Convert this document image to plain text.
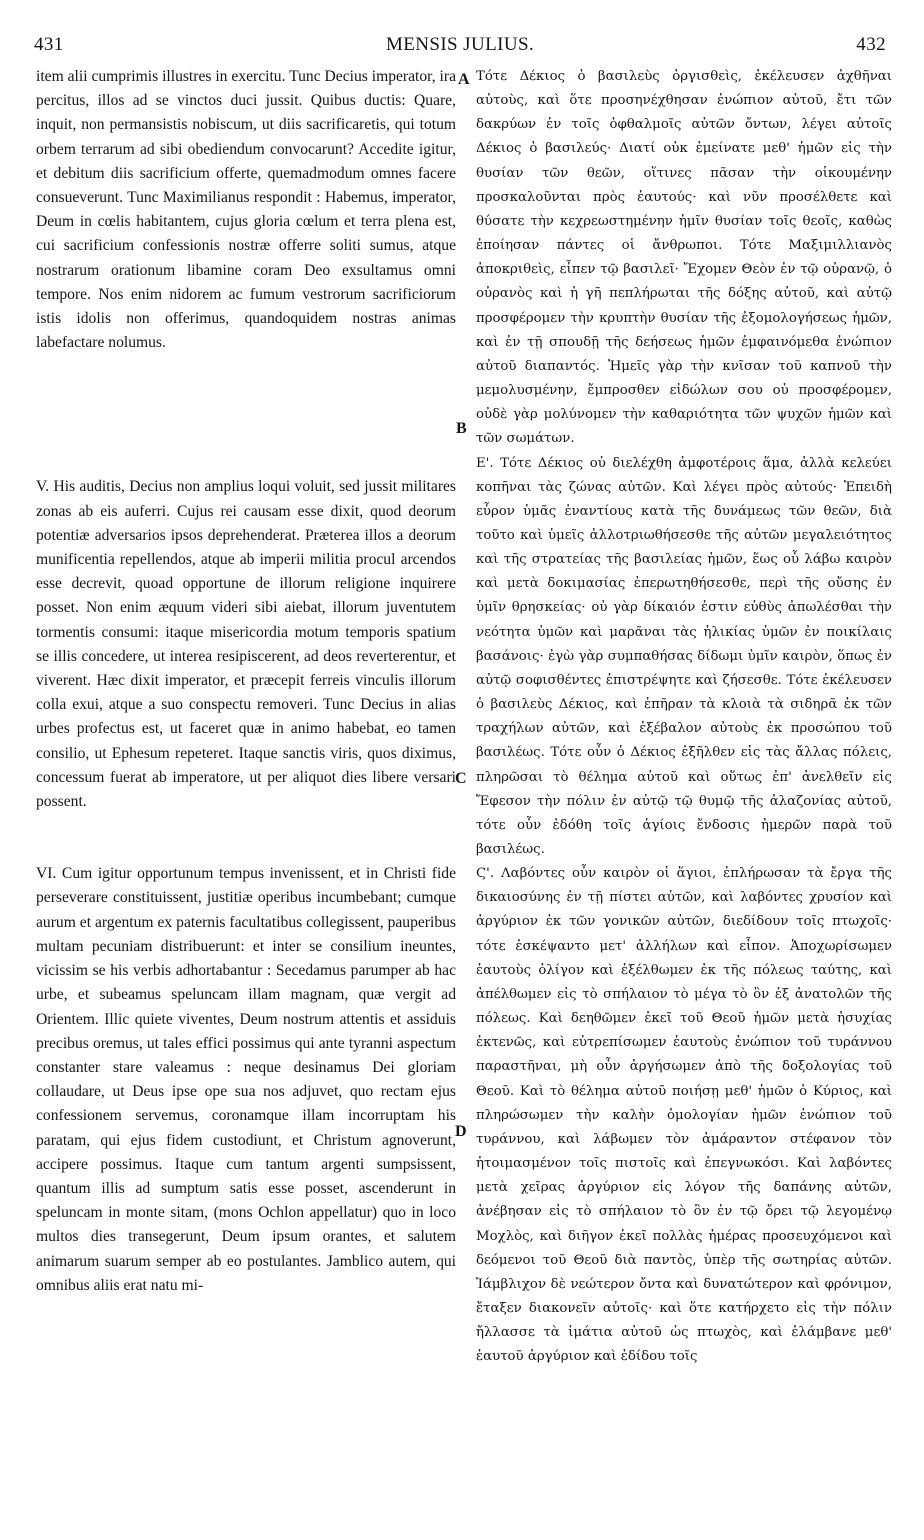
431	MENSIS JULIUS.	432

item alii cumprimis illustres in exercitu. Tunc Decius imperator, ira percitus, illos ad se vinctos duci jussit. Quibus ductis: Quare, inquit, non permansistis nobiscum, ut diis sacrificaretis, qui totum orbem terrarum ad sibi obediendum convocarunt? Accedite igitur, et debitum diis sacrificium offerte, quemadmodum omnes facere consueverunt. Tunc Maximilianus respondit : Habemus, imperator, Deum in cœlis habitantem, cujus gloria cœlum et terra plena est, cui sacrificium confessionis nostræ offerre soliti sumus, atque nostrarum orationum libamine coram Deo exsultamus omni tempore. Nos enim nidorem ac fumum vestrorum sacrificiorum istis idolis non offerimus, quandoquidem nostras animas labefactare nolumus.

V. His auditis, Decius non amplius loqui voluit, sed jussit militares zonas ab eis auferri. Cujus rei causam esse dixit, quod deorum potentiæ adversarios ipsos deprehenderat. Præterea illos a deorum munificentia repellendos, atque ab imperii militia procul arcendos esse decrevit, quoad opportune de illorum religione inquirere posset. Non enim æquum videri sibi aiebat, illorum juventutem tormentis consumi: itaque misericordia motum temporis spatium se illis concedere, ut interea resipiscerent, ad deos reverterentur, et viverent. Hæc dixit imperator, et præcepit ferreis vinculis illorum colla exui, atque a suo conspectu removeri. Tunc Decius in alias urbes profectus est, ut faceret quæ in animo habebat, eo tamen consilio, ut Ephesum repeteret. Itaque sanctis viris, quos diximus, concessum fuerat ab imperatore, ut per aliquot dies libere versari possent.

VI. Cum igitur opportunum tempus invenissent, et in Christi fide perseverare constituissent, justitiæ operibus incumbebant; cumque aurum et argentum ex paternis facultatibus collegissent, pauperibus multam pecuniam distribuerunt: et inter se consilium ineuntes, vicissim se his verbis adhortabantur : Secedamus parumper ab hac urbe, et subeamus speluncam illam magnam, quæ vergit ad Orientem. Illic quiete viventes, Deum nostrum attentis et assiduis precibus oremus, ut tales effici possimus qui ante tyranni aspectum constanter stare valeamus : neque desinamus Dei gloriam collaudare, ut Deus ipse ope sua nos adjuvet, quo rectam ejus confessionem servemus, coronamque illam incorruptam his paratam, qui ejus fidem custodiunt, et Christum agnoverunt, accipere possimus. Itaque cum tantum argenti sumpsissent, quantum illis ad sumptum satis esse posset, ascenderunt in speluncam in monte sitam, (mons Ochlon appellatur) quo in loco multos dies transegerunt, Deum ipsum orantes, et salutem animarum suarum semper ab eo postulantes. Jamblico autem, qui omnibus aliis erat natu mi-

Τότε Δέκιος ὁ βασιλεὺς ὀργισθεὶς, ἐκέλευσεν ἀχθῆναι αὐτοὺς, καὶ ὅτε προσηνέχθησαν ἐνώπιον αὐτοῦ, ἔτι τῶν δακρύων ἐν τοῖς ὀφθαλμοῖς αὐτῶν ὄντων, λέγει αὐτοῖς Δέκιος ὁ βασιλεύς· Διατί οὐκ ἐμείνατε μεθ' ἡμῶν εἰς τὴν θυσίαν τῶν θεῶν, οἵτινες πᾶσαν τὴν οἰκουμένην προσκαλοῦνται πρὸς ἑαυτούς· καὶ νῦν προσέλθετε καὶ θύσατε τὴν κεχρεωστημένην ἡμῖν θυσίαν τοῖς θεοῖς, καθὼς ἐποίησαν πάντες οἱ ἄνθρωποι. Τότε Μαξιμιλλιανὸς ἀποκριθεὶς, εἶπεν τῷ βασιλεῖ· Ἔχομεν Θεὸν ἐν τῷ οὐρανῷ, ὁ οὐρανὸς καὶ ἡ γῆ πεπλήρωται τῆς δόξης αὐτοῦ, καὶ αὐτῷ προσφέρομεν τὴν κρυπτὴν θυσίαν τῆς ἐξομολογήσεως ἡμῶν, καὶ ἐν τῇ σπουδῇ τῆς δεήσεως ἡμῶν ἐμφαινόμεθα ἐνώπιον αὐτοῦ διαπαντός. Ἡμεῖς γὰρ τὴν κνῖσαν τοῦ καπνοῦ τὴν μεμολυσμένην, ἔμπροσθεν εἰδώλων σου οὐ προσφέρομεν, οὐδὲ γὰρ μολύνομεν τὴν καθαριότητα τῶν ψυχῶν ἡμῶν καὶ τῶν σωμάτων.

Ε'. Τότε Δέκιος οὐ διελέχθη ἀμφοτέροις ἅμα, ἀλλὰ κελεύει κοπῆναι τὰς ζώνας αὐτῶν. Καὶ λέγει πρὸς αὐτούς· Ἐπειδὴ εὗρον ὑμᾶς ἐναντίους κατὰ τῆς δυνάμεως τῶν θεῶν, διὰ τοῦτο καὶ ὑμεῖς ἀλλοτριωθήσεσθε τῆς αὐτῶν μεγαλειότητος καὶ τῆς στρατείας τῆς βασιλείας ἡμῶν, ἕως οὗ λάβω καιρὸν καὶ μετὰ δοκιμασίας ἐπερωτηθήσεσθε, περὶ τῆς οὔσης ἐν ὑμῖν θρησκείας· οὐ γὰρ δίκαιόν ἐστιν εὐθὺς ἀπωλέσθαι τὴν νεότητα ὑμῶν καὶ μαρᾶναι τὰς ἡλικίας ὑμῶν ἐν ποικίλαις βασάνοις· ἐγὼ γὰρ συμπαθήσας δίδωμι ὑμῖν καιρὸν, ὅπως ἐν αὐτῷ σοφισθέντες ἐπιστρέψητε καὶ ζήσεσθε. Τότε ἐκέλευσεν ὁ βασιλεὺς Δέκιος, καὶ ἐπῆραν τὰ κλοιὰ τὰ σιδηρᾶ ἐκ τῶν τραχήλων αὐτῶν, καὶ ἐξέβαλον αὐτοὺς ἐκ προσώπου τοῦ βασιλέως. Τότε οὖν ὁ Δέκιος ἐξῆλθεν εἰς τὰς ἄλλας πόλεις, πληρῶσαι τὸ θέλημα αὐτοῦ καὶ οὕτως ἐπ' ἀνελθεῖν εἰς Ἔφεσον τὴν πόλιν ἐν αὐτῷ τῷ θυμῷ τῆς ἀλαζονίας αὐτοῦ, τότε οὖν ἐδόθη τοῖς ἁγίοις ἔνδοσις ἡμερῶν παρὰ τοῦ βασιλέως.

Ϛ'. Λαβόντες οὖν καιρὸν οἱ ἅγιοι, ἐπλήρωσαν τὰ ἔργα τῆς δικαιοσύνης ἐν τῇ πίστει αὐτῶν, καὶ λαβόντες χρυσίον καὶ ἀργύριον ἐκ τῶν γονικῶν αὐτῶν, διεδίδουν τοῖς πτωχοῖς· τότε ἐσκέψαντο μετ' ἀλλήλων καὶ εἶπον. Ἀποχωρίσωμεν ἑαυτοὺς ὀλίγον καὶ ἐξέλθωμεν ἐκ τῆς πόλεως ταύτης, καὶ ἀπέλθωμεν εἰς τὸ σπήλαιον τὸ μέγα τὸ ὂν ἐξ ἀνατολῶν τῆς πόλεως. Καὶ δεηθῶμεν ἐκεῖ τοῦ Θεοῦ ἡμῶν μετὰ ἡσυχίας ἐκτενῶς, καὶ εὐτρεπίσωμεν ἑαυτοὺς ἐνώπιον τοῦ τυράννου παραστῆναι, μὴ οὖν ἀργήσωμεν ἀπὸ τῆς δοξολογίας τοῦ Θεοῦ. Καὶ τὸ θέλημα αὐτοῦ ποιήσῃ μεθ' ἡμῶν ὁ Κύριος, καὶ πληρώσωμεν τὴν καλὴν ὁμολογίαν ἡμῶν ἐνώπιον τοῦ τυράννου, καὶ λάβωμεν τὸν ἀμάραντον στέφανον τὸν ἡτοιμασμένον τοῖς πιστοῖς καὶ ἐπεγνωκόσι. Καὶ λαβόντες μετὰ χεῖρας ἀργύριον εἰς λόγον τῆς δαπάνης αὐτῶν, ἀνέβησαν εἰς τὸ σπήλαιον τὸ ὂν ἐν τῷ ὄρει τῷ λεγομένῳ Μοχλὸς, καὶ διῆγον ἐκεῖ πολλὰς ἡμέρας προσευχόμενοι καὶ δεόμενοι τοῦ Θεοῦ διὰ παντὸς, ὑπὲρ τῆς σωτηρίας αὐτῶν. Ἰάμβλιχον δὲ νεώτερον ὄντα καὶ δυνατώτερον καὶ φρόνιμον, ἔταξεν διακονεῖν αὐτοῖς· καὶ ὅτε κατήρχετο εἰς τὴν πόλιν ἤλλασσε τὰ ἱμάτια αὐτοῦ ὡς πτωχὸς, καὶ ἐλάμβανε μεθ' ἑαυτοῦ ἀργύριον καὶ ἐδίδου τοῖς

A
B
C
D
